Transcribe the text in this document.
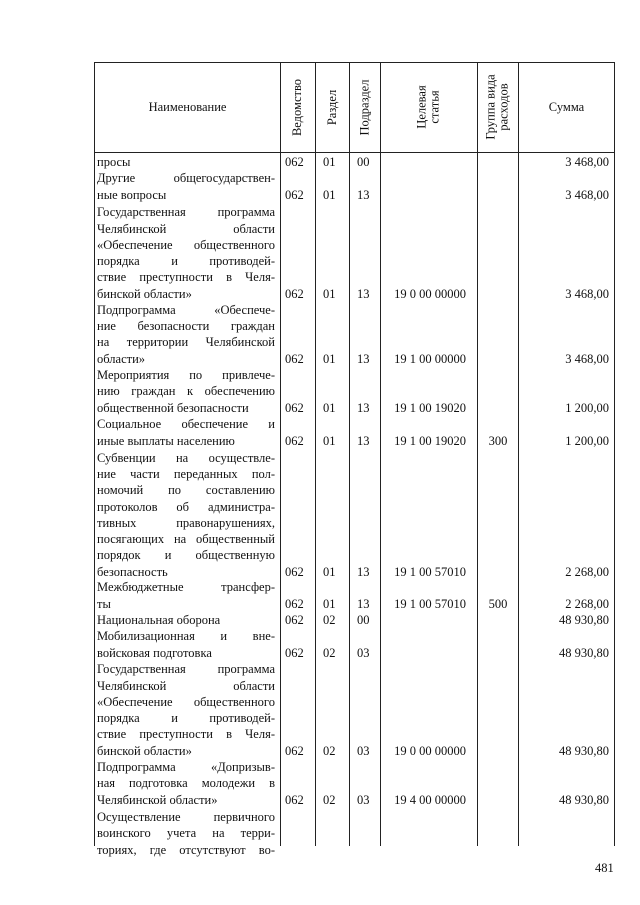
Наименование	Ведомство Раздел Подраздел	Целевая статья	Группа вида расходов	Сумма
просы	062 01 00	3 468,00
Другие общегосударствен-
ные вопросы	062 01 13	3 468,00
Государственная программа
Челябинской области
«Обеспечение общественного порядка и противодей-
ствие преступности в Челя-
бинской области»	062 01 13	19 0 00 00000	3 468,00
Подпрограмма «Обеспече-
ние безопасности граждан
на территории Челябинской
области»	062 01 13	19 1 00 00000	3 468,00
Мероприятия по привлече-
нию граждан к обеспечению
общественной безопасности	062 01 13	19 1 00 19020	1 200,00
Социальное обеспечение и
иные выплаты населению	062 01 13	19 1 00 19020	300	1 200,00
Субвенции на осуществле-
ние части переданных пол-
номочий по составлению
протоколов об администра-
тивных правонарушениях,
посягающих на общественный порядок и общественную безопасность	062 01 13	19 1 00 57010	2 268,00
Межбюджетные трансфер-
ты	062 01 13	19 1 00 57010	500	2 268,00
Национальная оборона	062 02 00	48 930,80
Мобилизационная и вне-
войсковая подготовка	062 02 03	48 930,80
Государственная программа
Челябинской области
«Обеспечение общественного порядка и противодей-
ствие преступности в Челя-
бинской области»	062 02 03	19 0 00 00000	48 930,80
Подпрограмма «Допризыв-
ная подготовка молодежи в
Челябинской области»	062 02 03	19 4 00 00000	48 930,80
Осуществление первичного
воинского учета на терри-
ториях, где отсутствуют во-
481
